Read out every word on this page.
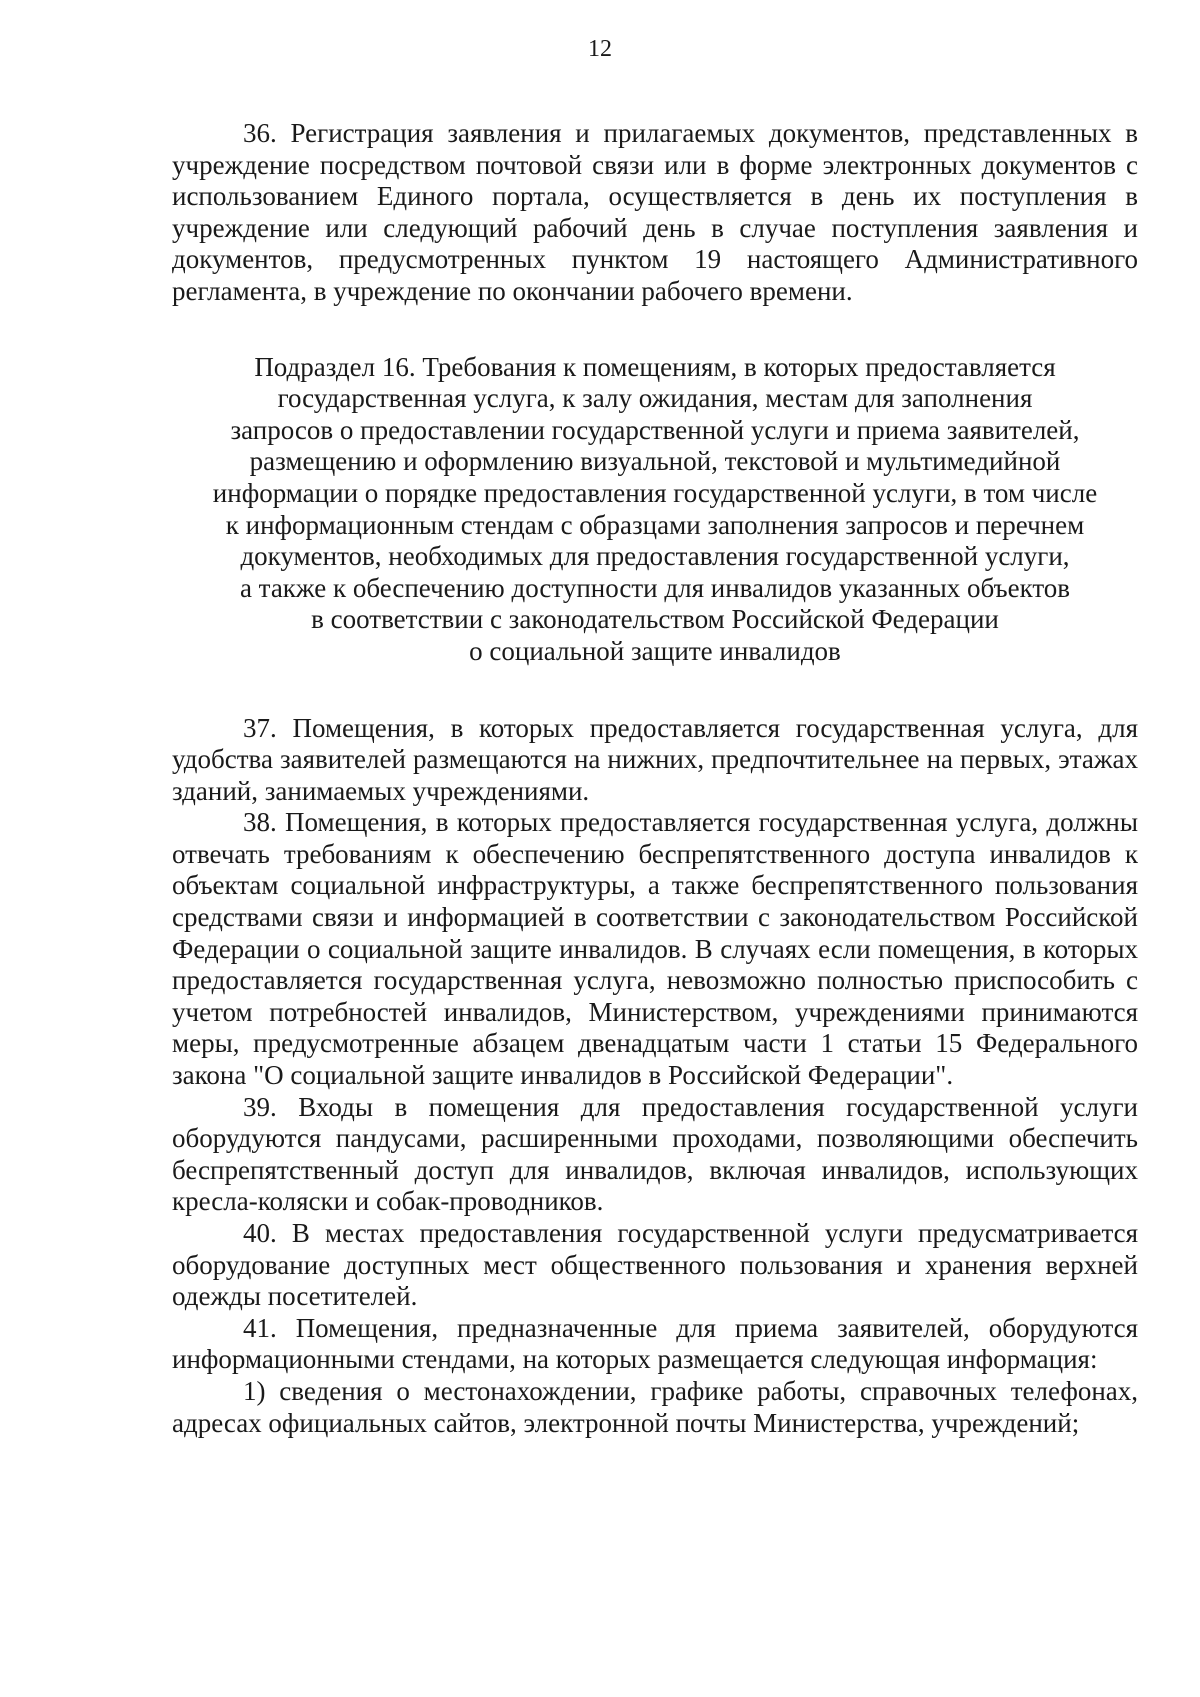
12

36. Регистрация заявления и прилагаемых документов, представленных в учреждение посредством почтовой связи или в форме электронных документов с использованием Единого портала, осуществляется в день их поступления в учреждение или следующий рабочий день в случае поступления заявления и документов, предусмотренных пунктом 19 настоящего Административного регламента, в учреждение по окончании рабочего времени.

Подраздел 16. Требования к помещениям, в которых предоставляется
государственная услуга, к залу ожидания, местам для заполнения
запросов о предоставлении государственной услуги и приема заявителей,
размещению и оформлению визуальной, текстовой и мультимедийной
информации о порядке предоставления государственной услуги, в том числе
к информационным стендам с образцами заполнения запросов и перечнем
документов, необходимых для предоставления государственной услуги,
а также к обеспечению доступности для инвалидов указанных объектов
в соответствии с законодательством Российской Федерации
о социальной защите инвалидов

37. Помещения, в которых предоставляется государственная услуга, для удобства заявителей размещаются на нижних, предпочтительнее на первых, этажах зданий, занимаемых учреждениями.

38. Помещения, в которых предоставляется государственная услуга, должны отвечать требованиям к обеспечению беспрепятственного доступа инвалидов к объектам социальной инфраструктуры, а также беспрепятственного пользования средствами связи и информацией в соответствии с законодательством Российской Федерации о социальной защите инвалидов. В случаях если помещения, в которых предоставляется государственная услуга, невозможно полностью приспособить с учетом потребностей инвалидов, Министерством, учреждениями принимаются меры, предусмотренные абзацем двенадцатым части 1 статьи 15 Федерального закона "О социальной защите инвалидов в Российской Федерации".

39. Входы в помещения для предоставления государственной услуги оборудуются пандусами, расширенными проходами, позволяющими обеспечить беспрепятственный доступ для инвалидов, включая инвалидов, использующих кресла-коляски и собак-проводников.

40. В местах предоставления государственной услуги предусматривается оборудование доступных мест общественного пользования и хранения верхней одежды посетителей.

41. Помещения, предназначенные для приема заявителей, оборудуются информационными стендами, на которых размещается следующая информация:

1) сведения о местонахождении, графике работы, справочных телефонах, адресах официальных сайтов, электронной почты Министерства, учреждений;
